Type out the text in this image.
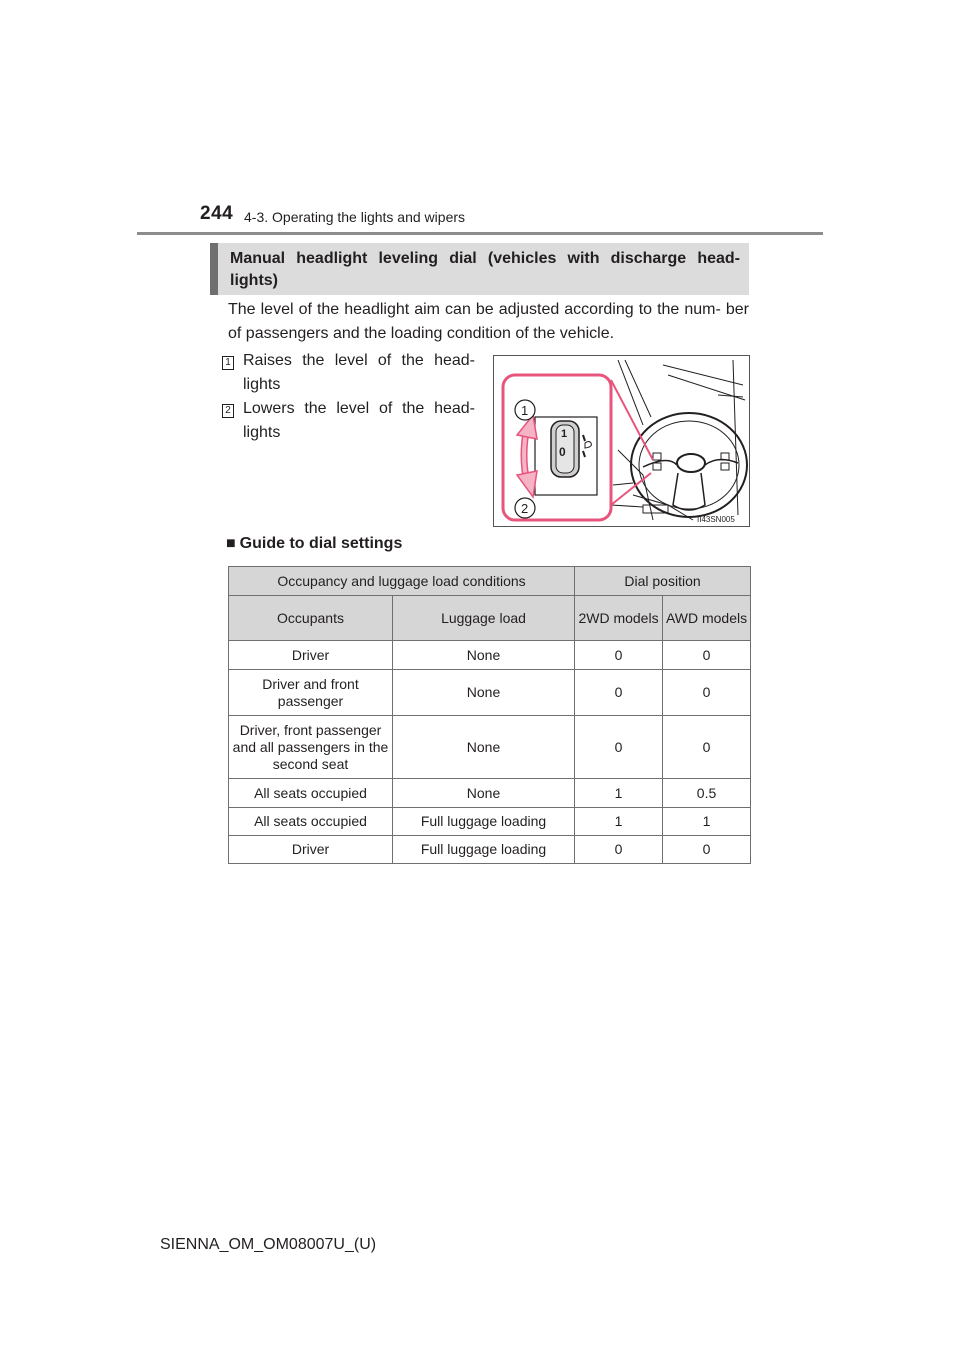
244 4-3. Operating the lights and wipers
Manual headlight leveling dial (vehicles with discharge head- lights)
The level of the headlight aim can be adjusted according to the num- ber of passengers and the loading condition of the vehicle.
1 Raises the level of the head- lights
2 Lowers the level of the head- lights	1
0
1
2
II43SN005
■ Guide to dial settings
Occupancy and luggage load conditions		Dial position	
Occupants	Luggage load	2WD models	AWD models
Driver	None	0	0
Driver and front passenger	None	0	0
Driver, front passenger and all passengers in the second seat	None	0	0
All seats occupied	None	1	0.5
All seats occupied	Full luggage loading	1	1
Driver	Full luggage loading	0	0
SIENNA_OM_OM08007U_(U)
